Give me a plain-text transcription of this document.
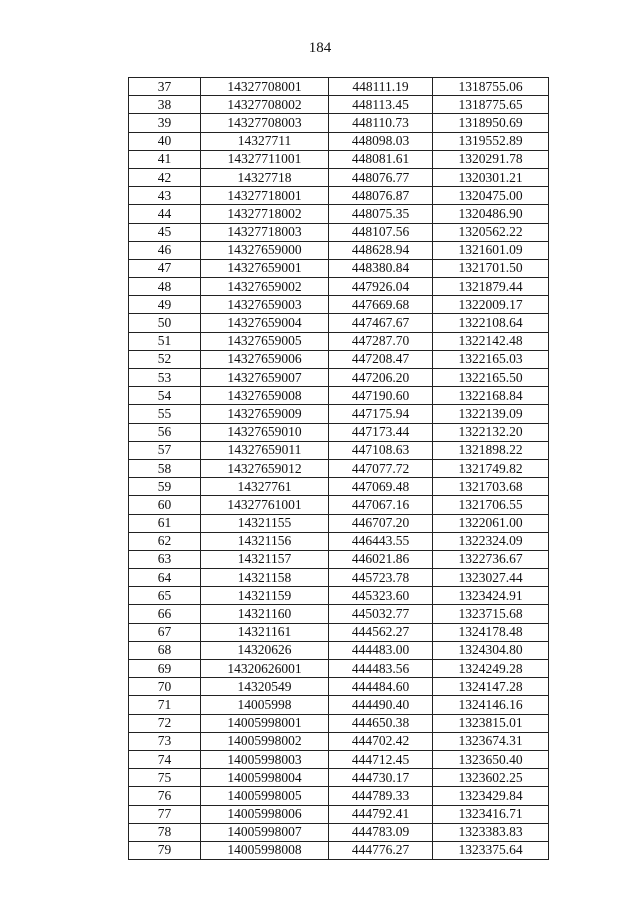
184
37	14327708001	448111.19	1318755.06
38	14327708002	448113.45	1318775.65
39	14327708003	448110.73	1318950.69
40	14327711	448098.03	1319552.89
41	14327711001	448081.61	1320291.78
42	14327718	448076.77	1320301.21
43	14327718001	448076.87	1320475.00
44	14327718002	448075.35	1320486.90
45	14327718003	448107.56	1320562.22
46	14327659000	448628.94	1321601.09
47	14327659001	448380.84	1321701.50
48	14327659002	447926.04	1321879.44
49	14327659003	447669.68	1322009.17
50	14327659004	447467.67	1322108.64
51	14327659005	447287.70	1322142.48
52	14327659006	447208.47	1322165.03
53	14327659007	447206.20	1322165.50
54	14327659008	447190.60	1322168.84
55	14327659009	447175.94	1322139.09
56	14327659010	447173.44	1322132.20
57	14327659011	447108.63	1321898.22
58	14327659012	447077.72	1321749.82
59	14327761	447069.48	1321703.68
60	14327761001	447067.16	1321706.55
61	14321155	446707.20	1322061.00
62	14321156	446443.55	1322324.09
63	14321157	446021.86	1322736.67
64	14321158	445723.78	1323027.44
65	14321159	445323.60	1323424.91
66	14321160	445032.77	1323715.68
67	14321161	444562.27	1324178.48
68	14320626	444483.00	1324304.80
69	14320626001	444483.56	1324249.28
70	14320549	444484.60	1324147.28
71	14005998	444490.40	1324146.16
72	14005998001	444650.38	1323815.01
73	14005998002	444702.42	1323674.31
74	14005998003	444712.45	1323650.40
75	14005998004	444730.17	1323602.25
76	14005998005	444789.33	1323429.84
77	14005998006	444792.41	1323416.71
78	14005998007	444783.09	1323383.83
79	14005998008	444776.27	1323375.64
